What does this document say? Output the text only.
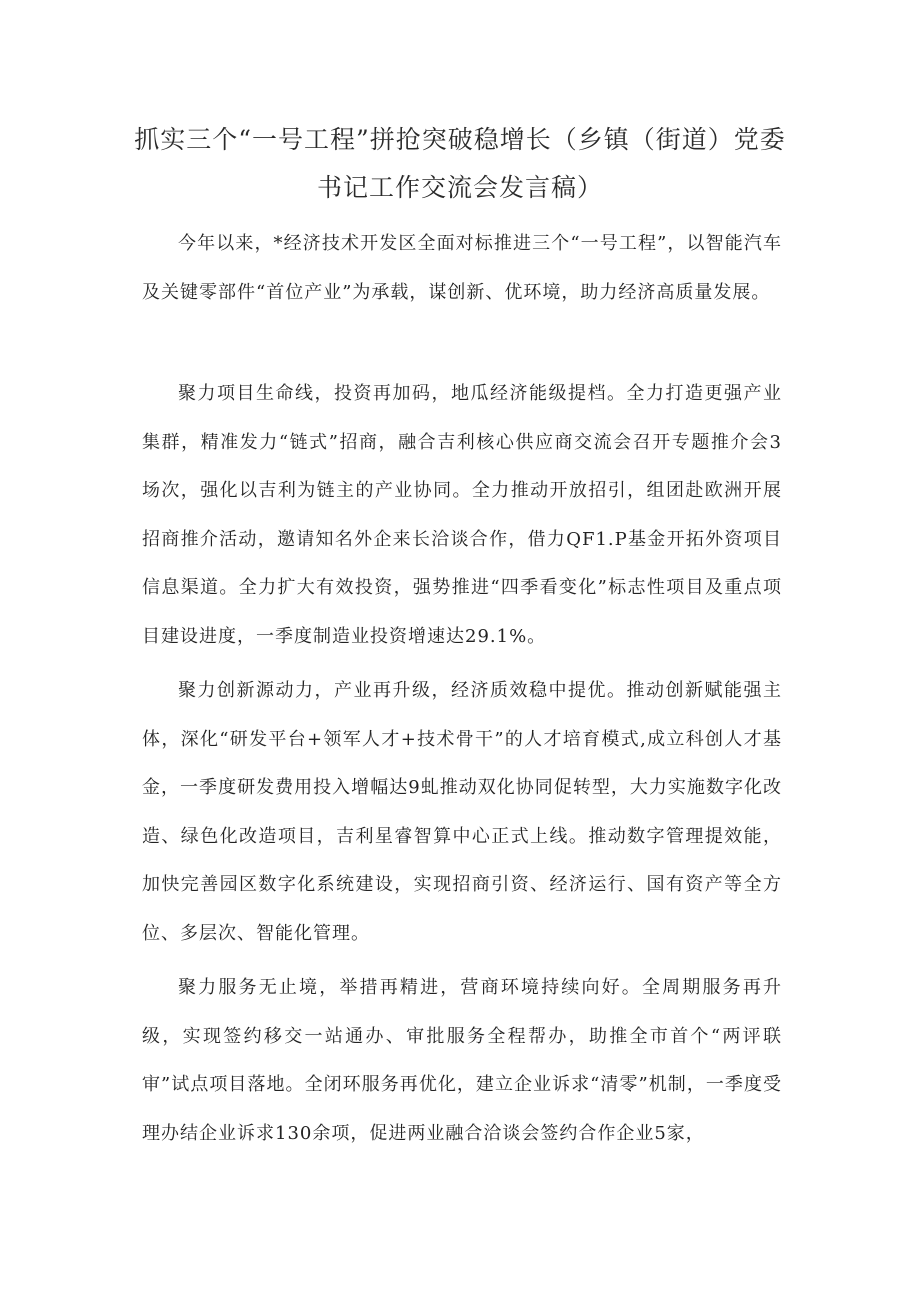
抓实三个“一号工程”拼抢突破稳增长（乡镇（街道）党委
书记工作交流会发言稿）

今年以来，*经济技术开发区全面对标推进三个“一号工程”，以智能汽车及关键零部件“首位产业”为承载，谋创新、优环境，助力经济高质量发展。

聚力项目生命线，投资再加码，地瓜经济能级提档。全力打造更强产业集群，精准发力“链式”招商，融合吉利核心供应商交流会召开专题推介会3场次，强化以吉利为链主的产业协同。全力推动开放招引，组团赴欧洲开展招商推介活动，邀请知名外企来长洽谈合作，借力QF1.P基金开拓外资项目信息渠道。全力扩大有效投资，强势推进“四季看变化”标志性项目及重点项目建设进度，一季度制造业投资增速达29.1%。

聚力创新源动力，产业再升级，经济质效稳中提优。推动创新赋能强主体，深化“研发平台+领军人才+技术骨干”的人才培育模式,成立科创人才基金，一季度研发费用投入增幅达9虬推动双化协同促转型，大力实施数字化改造、绿色化改造项目，吉利星睿智算中心正式上线。推动数字管理提效能，加快完善园区数字化系统建设，实现招商引资、经济运行、国有资产等全方位、多层次、智能化管理。

聚力服务无止境，举措再精进，营商环境持续向好。全周期服务再升级，实现签约移交一站通办、审批服务全程帮办，助推全市首个“两评联审”试点项目落地。全闭环服务再优化，建立企业诉求“清零”机制，一季度受理办结企业诉求130余项，促进两业融合洽谈会签约合作企业5家，
